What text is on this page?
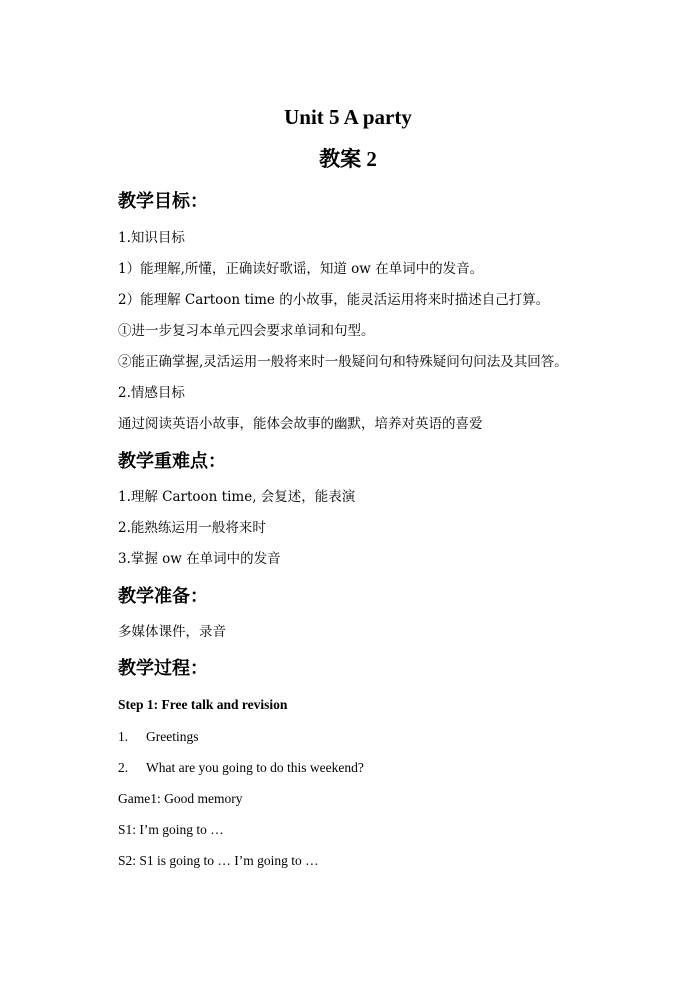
Unit 5 A party
教案 2
教学目标：
1.知识目标
1）能理解,所懂，正确读好歌谣，知道 ow 在单词中的发音。
2）能理解 Cartoon time 的小故事，能灵活运用将来时描述自己打算。
①进一步复习本单元四会要求单词和句型。
②能正确掌握,灵活运用一般将来时一般疑问句和特殊疑问句问法及其回答。
2.情感目标
通过阅读英语小故事，能体会故事的幽默，培养对英语的喜爱
教学重难点：
1.理解 Cartoon time, 会复述，能表演
2.能熟练运用一般将来时
3.掌握 ow 在单词中的发音
教学准备：
多媒体课件，录音
教学过程：
Step 1: Free talk and revision
1. Greetings
2. What are you going to do this weekend?
Game1: Good memory
S1: I’m going to …
S2: S1 is going to … I’m going to …
